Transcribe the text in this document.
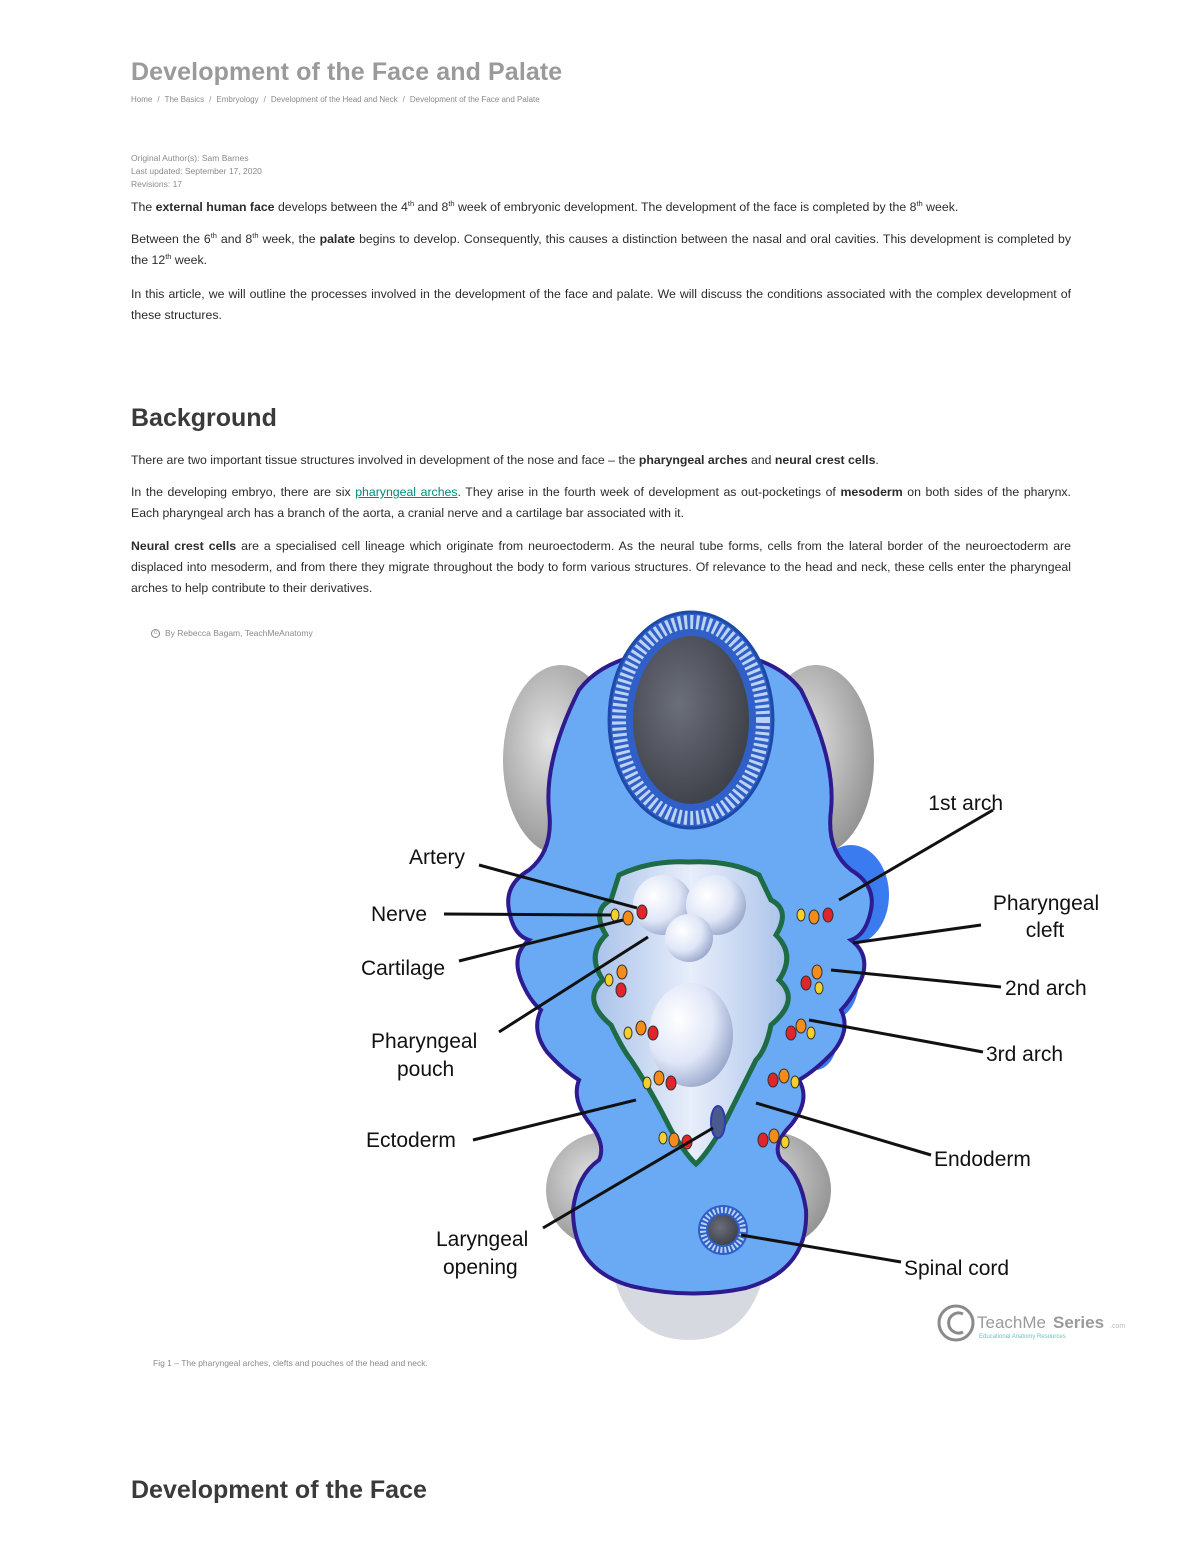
Development of the Face and Palate
Home / The Basics / Embryology / Development of the Head and Neck / Development of the Face and Palate
Original Author(s): Sam Barnes
Last updated: September 17, 2020
Revisions: 17

The external human face develops between the 4th and 8th week of embryonic development. The development of the face is completed by the 8th week.

Between the 6th and 8th week, the palate begins to develop. Consequently, this causes a distinction between the nasal and oral cavities. This development is completed by the 12th week.

In this article, we will outline the processes involved in the development of the face and palate. We will discuss the conditions associated with the complex development of these structures.

Background

There are two important tissue structures involved in development of the nose and face – the pharyngeal arches and neural crest cells.

In the developing embryo, there are six pharyngeal arches. They arise in the fourth week of development as out-pocketings of mesoderm on both sides of the pharynx. Each pharyngeal arch has a branch of the aorta, a cranial nerve and a cartilage bar associated with it.

Neural crest cells are a specialised cell lineage which originate from neuroectoderm. As the neural tube forms, cells from the lateral border of the neuroectoderm are displaced into mesoderm, and from there they migrate throughout the body to form various structures. Of relevance to the head and neck, these cells enter the pharyngeal arches to help contribute to their derivatives.

c By Rebecca Bagam, TeachMeAnatomy
Artery
Nerve
Cartilage
Pharyngeal
pouch
Ectoderm
Laryngeal
opening
1st arch
Pharyngeal
cleft
2nd arch
3rd arch
Endoderm
Spinal cord
TeachMe Series .com
Educational Anatomy Resources
Fig 1 – The pharyngeal arches, clefts and pouches of the head and neck.
Development of the Face
